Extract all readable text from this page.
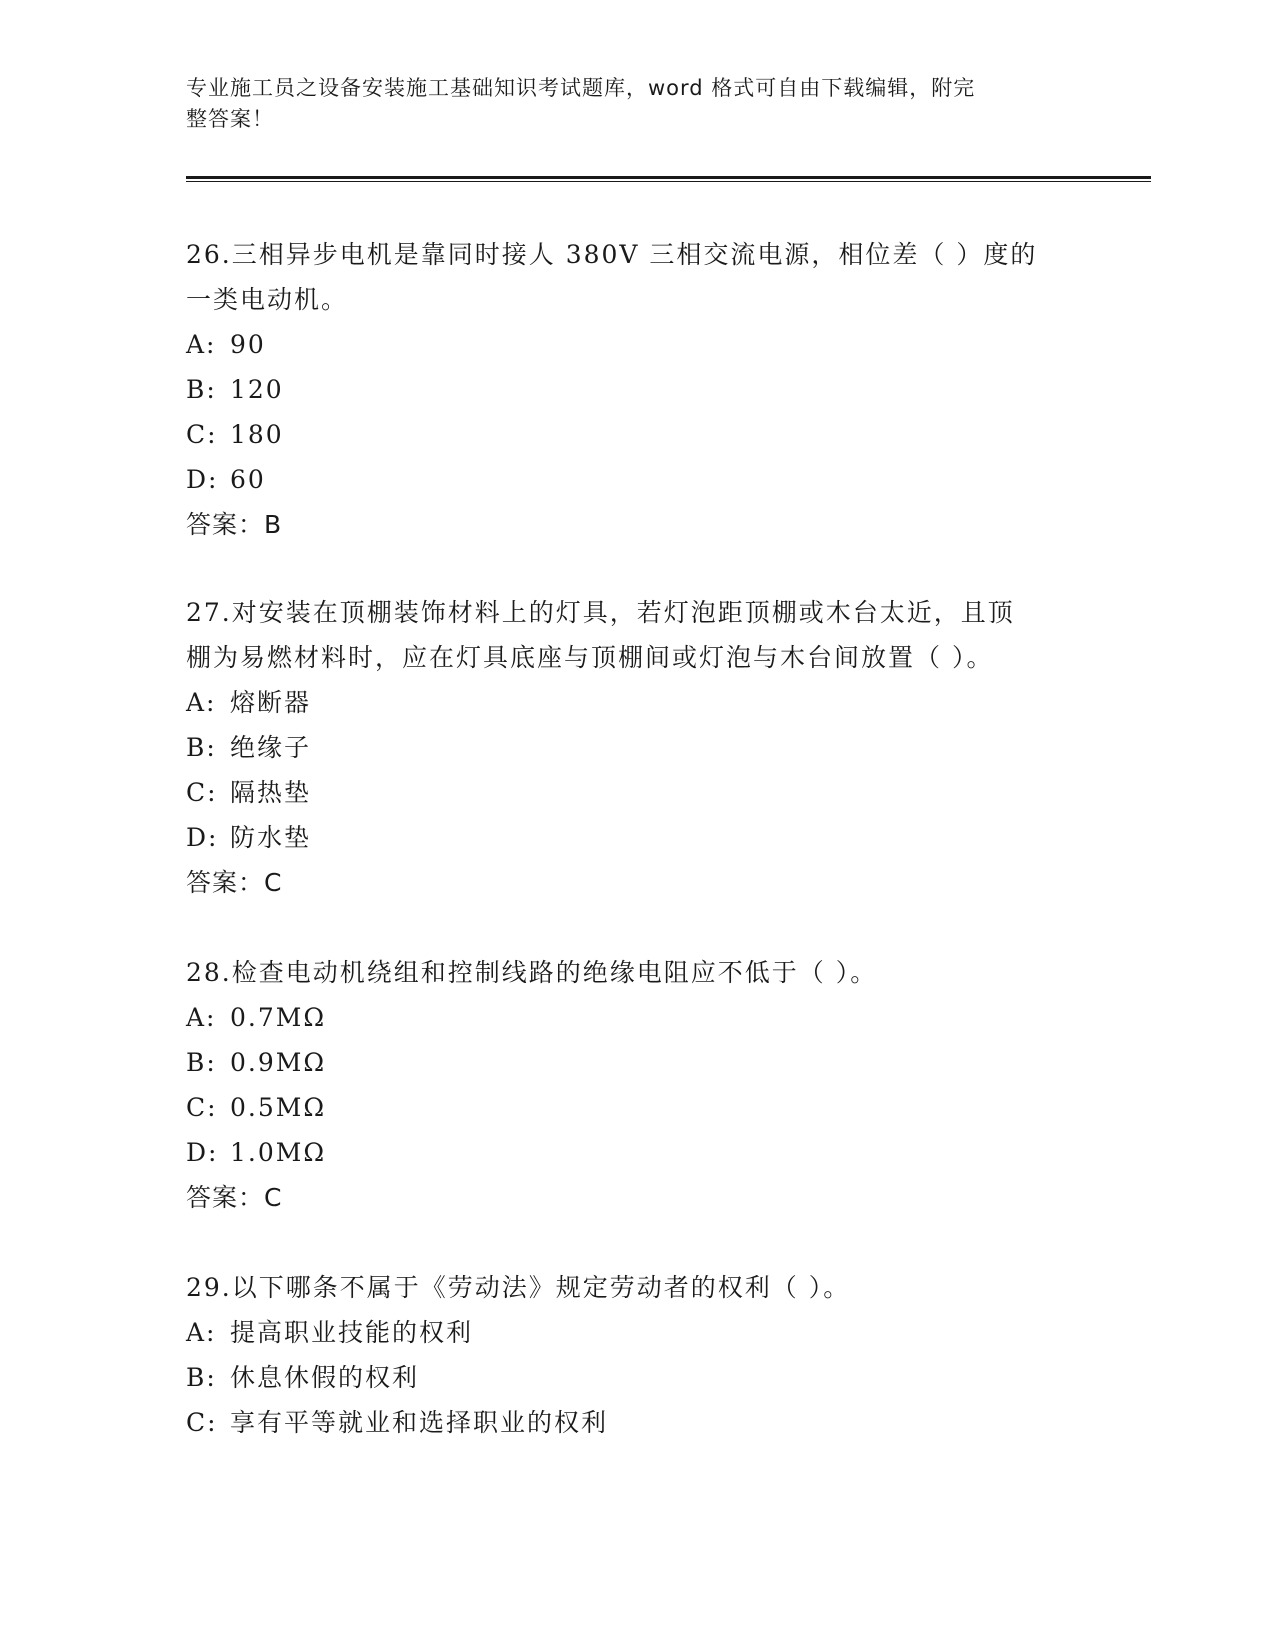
专业施工员之设备安装施工基础知识考试题库，word 格式可自由下载编辑，附完
整答案！

26.三相异步电机是靠同时接人 380V 三相交流电源，相位差（ ）度的

一类电动机。

A: 90
B: 120
C: 180
D: 60

答案：B

27.对安装在顶棚装饰材料上的灯具，若灯泡距顶棚或木台太近，且顶

棚为易燃材料时，应在灯具底座与顶棚间或灯泡与木台间放置（ ）。

A: 熔断器
B: 绝缘子
C: 隔热垫
D: 防水垫

答案：C

28.检查电动机绕组和控制线路的绝缘电阻应不低于（ ）。

A: 0.7MΩ
B: 0.9MΩ
C: 0.5MΩ
D: 1.0MΩ

答案：C

29.以下哪条不属于《劳动法》规定劳动者的权利（ ）。

A: 提高职业技能的权利
B: 休息休假的权利
C: 享有平等就业和选择职业的权利
